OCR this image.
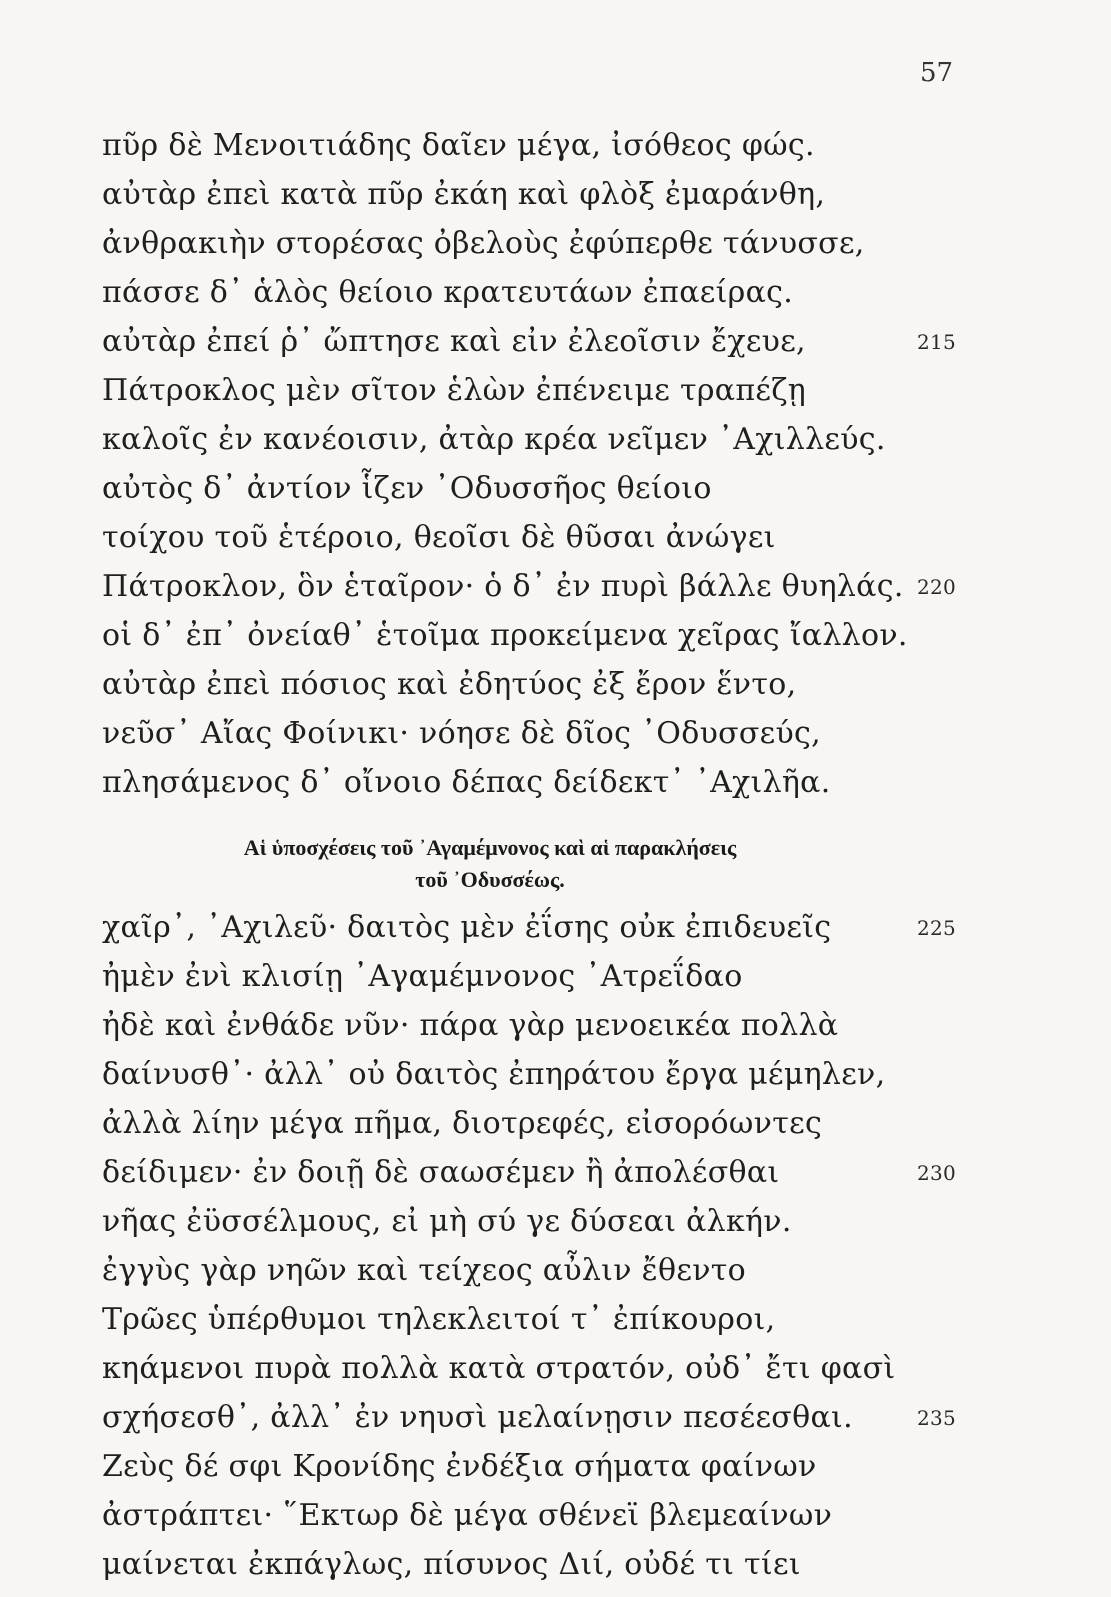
57
πῦρ δὲ Μενοιτιάδης δαῖεν μέγα, ἰσόθεος φώς.
αὐτὰρ ἐπεὶ κατὰ πῦρ ἐκάη καὶ φλὸξ ἐμαράνθη,
ἀνθρακιὴν στορέσας ὀβελοὺς ἐφύπερθε τάνυσσε,
πάσσε δ᾽ ἁλὸς θείοιο κρατευτάων ἐπαείρας.
αὐτὰρ ἐπεί ῥ᾽ ὤπτησε καὶ εἰν ἐλεοῖσιν ἔχευε,	215
Πάτροκλος μὲν σῖτον ἑλὼν ἐπένειμε τραπέζῃ
καλοῖς ἐν κανέοισιν, ἀτὰρ κρέα νεῖμεν ᾽Αχιλλεύς.
αὐτὸς δ᾽ ἀντίον ἷζεν ᾽Οδυσσῆος θείοιο
τοίχου τοῦ ἑτέροιο, θεοῖσι δὲ θῦσαι ἀνώγει
Πάτροκλον, ὃν ἑταῖρον· ὁ δ᾽ ἐν πυρὶ βάλλε θυηλάς. 220
οἱ δ᾽ ἐπ᾽ ὀνείαθ᾽ ἑτοῖμα προκείμενα χεῖρας ἴαλλον.
αὐτὰρ ἐπεὶ πόσιος καὶ ἐδητύος ἐξ ἔρον ἕντο,
νεῦσ᾽ Αἴας Φοίνικι· νόησε δὲ δῖος ᾽Οδυσσεύς,
πλησάμενος δ᾽ οἴνοιο δέπας δείδεκτ᾽ ᾽Αχιλῆα.
Αἱ ὑποσχέσεις τοῦ ᾽Αγαμέμνονος καὶ αἱ παρακλήσεις
τοῦ ᾽Οδυσσέως.
χαῖρ᾽, ᾽Αχιλεῦ· δαιτὸς μὲν ἐΐσης οὐκ ἐπιδευεῖς	225
ἠμὲν ἐνὶ κλισίῃ ᾽Αγαμέμνονος ᾽Ατρεΐδαο
ἠδὲ καὶ ἐνθάδε νῦν· πάρα γὰρ μενοεικέα πολλὰ
δαίνυσθ᾽· ἀλλ᾽ οὐ δαιτὸς ἐπηράτου ἔργα μέμηλεν,
ἀλλὰ λίην μέγα πῆμα, διοτρεφές, εἰσορόωντες
δείδιμεν· ἐν δοιῇ δὲ σαωσέμεν ἢ ἀπολέσθαι	230
νῆας ἐϋσσέλμους, εἰ μὴ σύ γε δύσεαι ἀλκήν.
ἐγγὺς γὰρ νηῶν καὶ τείχεος αὖλιν ἔθεντο
Τρῶες ὑπέρθυμοι τηλεκλειτοί τ᾽ ἐπίκουροι,
κηάμενοι πυρὰ πολλὰ κατὰ στρατόν, οὐδ᾽ ἔτι φασὶ
σχήσεσθ᾽, ἀλλ᾽ ἐν νηυσὶ μελαίνῃσιν πεσέεσθαι.	235
Ζεὺς δέ σφι Κρονίδης ἐνδέξια σήματα φαίνων
ἀστράπτει· ῞Εκτωρ δὲ μέγα σθένεϊ βλεμεαίνων
μαίνεται ἐκπάγλως, πίσυνος Διί, οὐδέ τι τίει
